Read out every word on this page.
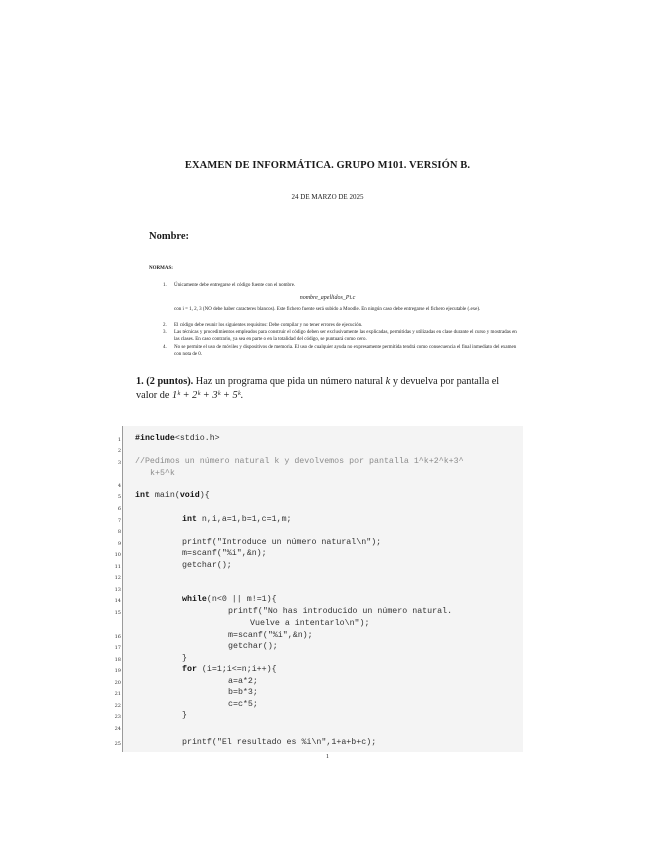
EXAMEN DE INFORMÁTICA. GRUPO M101. VERSIÓN B.
24 DE MARZO DE 2025
Nombre:
NORMAS:
1. Únicamente debe entregarse el código fuente con el nombre.
nombre_apellidos_Pi.c
con i = 1, 2, 3 (NO debe haber caracteres blancos). Este fichero fuente será subido a Moodle. En ningún caso debe entregarse el fichero ejecutable (.exe).
2. El código debe reunir los siguientes requisitos: Debe compilar y no tener errores de ejecución.
3. Las técnicas y procedimientos empleados para construir el código deben ser exclusivamente las explicadas, permitidas y utilizadas en clase durante el curso y mostradas en las clases. En caso contrario, ya sea en parte o en la totalidad del código, se puntuará como cero.
4. No se permite el uso de móviles y dispositivos de memoria. El uso de cualquier ayuda no expresamente permitida tendrá como consecuencia el final inmediato del examen con nota de 0.
1. (2 puntos). Haz un programa que pida un número natural k y devuelva por pantalla el valor de 1ᵏ + 2ᵏ + 3ᵏ + 5ᵏ.
1
2
3
4
5
6
7
8
9
10
11
12
13
14
15
16
17
18
19
20
21
22
23
24
25
#include<stdio.h>
//Pedimos un número natural k y devolvemos por pantalla 1^k+2^k+3^
k+5^k
int main(void){
int n,i,a=1,b=1,c=1,m;
printf("Introduce un número natural\n");
m=scanf("%i",&n);
getchar();
while(n<0 || m!=1){
printf("No has introducido un número natural.
Vuelve a intentarlo\n");
m=scanf("%i",&n);
getchar();
}
for (i=1;i<=n;i++){
a=a*2;
b=b*3;
c=c*5;
}
printf("El resultado es %i\n",1+a+b+c);
1
